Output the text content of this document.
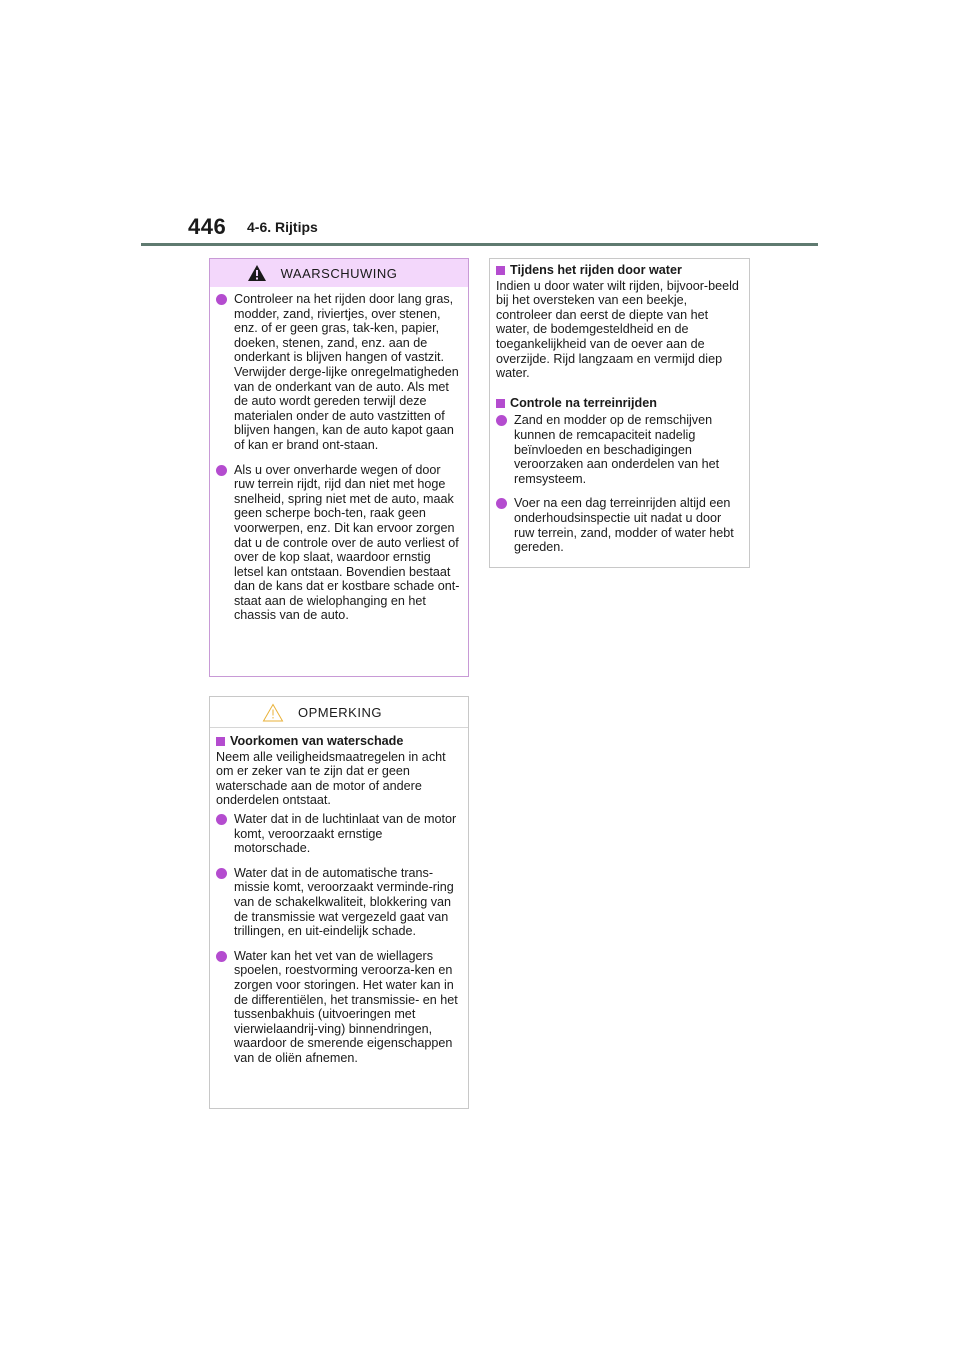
446 4-6. Rijtips
WAARSCHUWING

Controleer na het rijden door lang gras, modder, zand, riviertjes, over stenen, enz. of er geen gras, tak-ken, papier, doeken, stenen, zand, enz. aan de onderkant is blijven hangen of vastzit. Verwijder derge-lijke onregelmatigheden van de onderkant van de auto. Als met de auto wordt gereden terwijl deze materialen onder de auto vastzitten of blijven hangen, kan de auto kapot gaan of kan er brand ont-staan.

Als u over onverharde wegen of door ruw terrein rijdt, rijd dan niet met hoge snelheid, spring niet met de auto, maak geen scherpe boch-ten, raak geen voorwerpen, enz. Dit kan ervoor zorgen dat u de controle over de auto verliest of over de kop slaat, waardoor ernstig letsel kan ontstaan. Bovendien bestaat dan de kans dat er kostbare schade ont-staat aan de wielophanging en het chassis van de auto.

OPMERKING
Voorkomen van waterschade

Neem alle veiligheidsmaatregelen in acht om er zeker van te zijn dat er geen waterschade aan de motor of andere onderdelen ontstaat.

Water dat in de luchtinlaat van de motor komt, veroorzaakt ernstige motorschade.

Water dat in de automatische trans-missie komt, veroorzaakt verminde-ring van de schakelkwaliteit, blokkering van de transmissie wat vergezeld gaat van trillingen, en uit-eindelijk schade.

Water kan het vet van de wiellagers spoelen, roestvorming veroorza-ken en zorgen voor storingen. Het water kan in de differentiëlen, het transmissie- en het tussenbakhuis (uitvoeringen met vierwielaandrij-ving) binnendringen, waardoor de smerende eigenschappen van de oliën afnemen.

Tijdens het rijden door water

Indien u door water wilt rijden, bijvoor-beeld bij het oversteken van een beekje, controleer dan eerst de diepte van het water, de bodemgesteldheid en de toegankelijkheid van de oever aan de overzijde. Rijd langzaam en vermijd diep water.

Controle na terreinrijden

Zand en modder op de remschijven kunnen de remcapaciteit nadelig beïnvloeden en beschadigingen veroorzaken aan onderdelen van het remsysteem.

Voer na een dag terreinrijden altijd een onderhoudsinspectie uit nadat u door ruw terrein, zand, modder of water hebt gereden.
